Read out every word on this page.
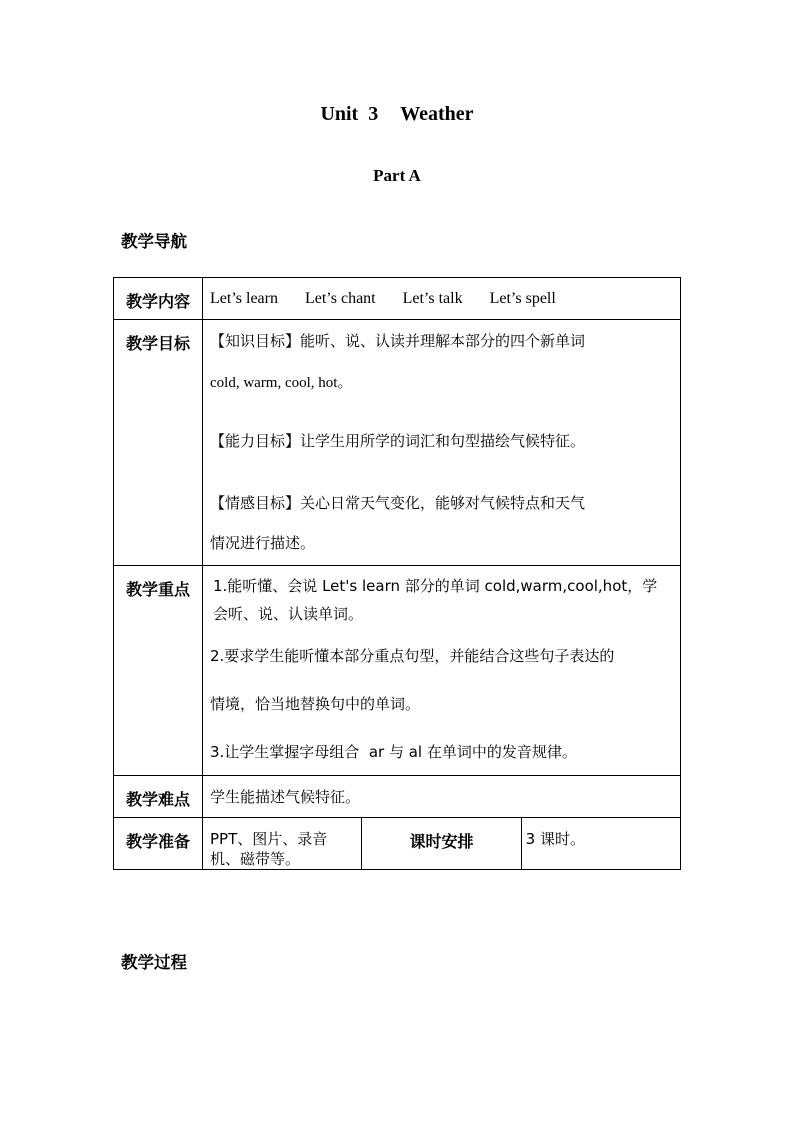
Unit  3 Weather
Part A
教学导航
教学内容	Let’s learn Let’s chant Let’s talk Let’s spell		

教学目标	【知识目标】能听、说、认读并理解本部分的四个新单词
cold, warm, cool, hot。
【能力目标】让学生用所学的词汇和句型描绘气候特征。
【情感目标】关心日常天气变化，能够对气候特点和天气
情况进行描述。		

教学重点	1.能听懂、会说 Let's learn 部分的单词 cold,warm,cool,hot，学
会听、说、认读单词。
2.要求学生能听懂本部分重点句型，并能结合这些句子表达的
情境，恰当地替换句中的单词。
3.让学生掌握字母组合  ar 与 al 在单词中的发音规律。		

教学难点	学生能描述气候特征。		

教学准备	PPT、图片、录音机、磁带等。	课时安排	3 课时。
教学过程
